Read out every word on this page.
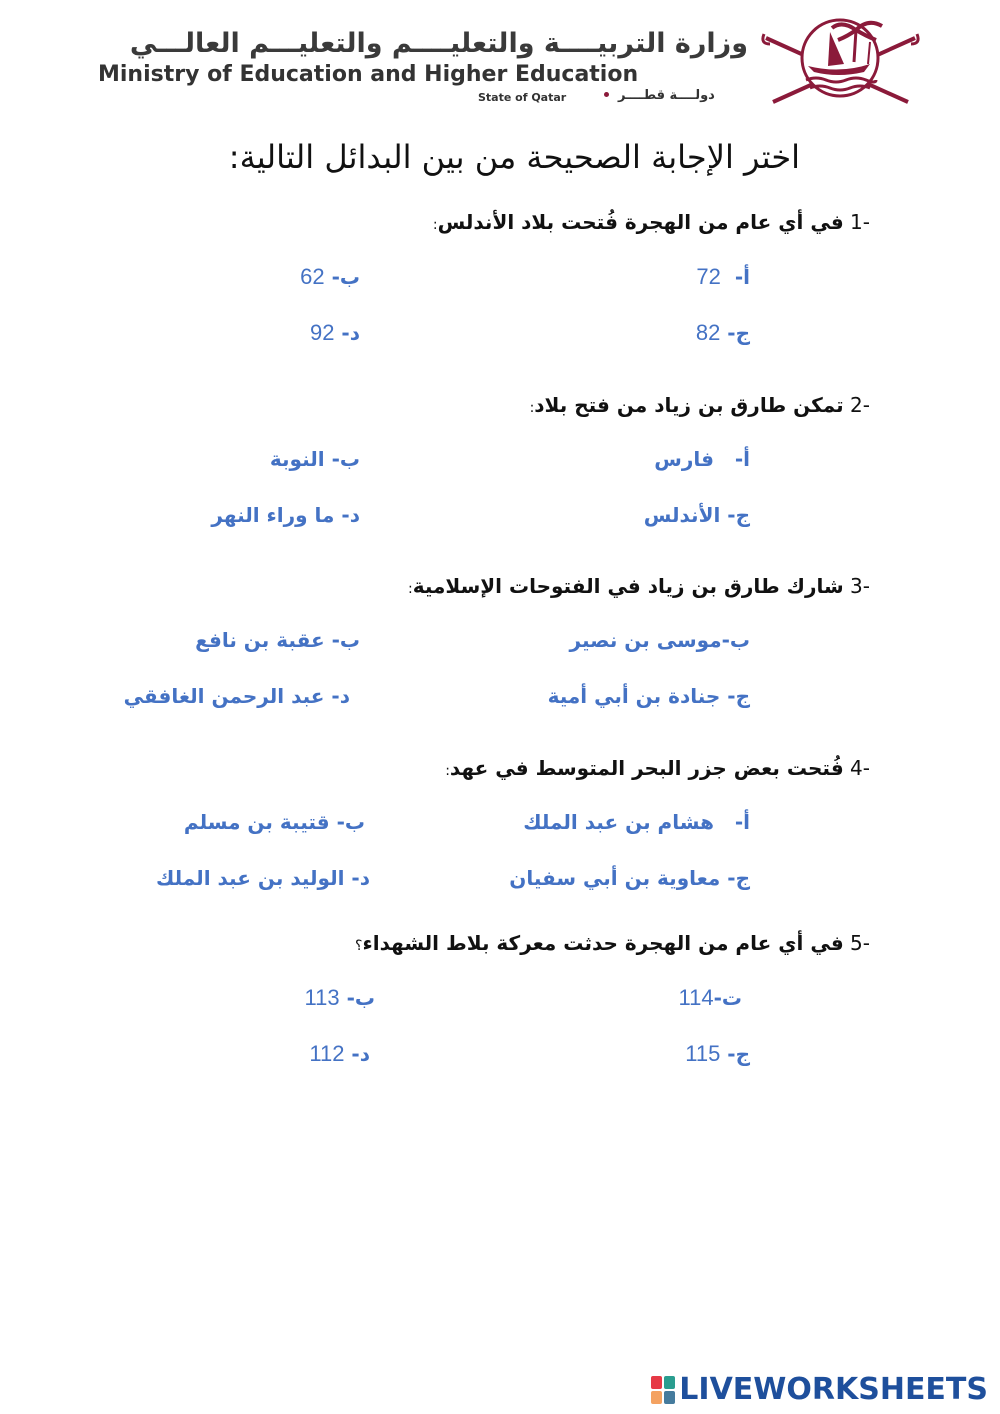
وزارة التربيــــة والتعليــــم والتعليـــم العالـــي
Ministry of Education and Higher Education
State of Qatar	دولــــة قطــــر
اختر الإجابة الصحيحة من بين البدائل التالية:
-1 في أي عام من الهجرة فُتحت بلاد الأندلس:
أ-  72
ب- 62
ج- 82
د- 92
-2 تمكن طارق بن زياد من فتح بلاد:
أ-   فارس
ب- النوبة
ج- الأندلس
د- ما وراء النهر
-3 شارك طارق بن زياد في الفتوحات الإسلامية:
ب-موسى بن نصير
ب- عقبة بن نافع
ج- جنادة بن أبي أمية
د- عبد الرحمن الغافقي
-4 فُتحت بعض جزر البحر المتوسط في عهد:
أ-   هشام بن عبد الملك
ب- قتيبة بن مسلم
ج- معاوية بن أبي سفيان
د- الوليد بن عبد الملك
-5 في أي عام من الهجرة حدثت معركة بلاط الشهداء؟
ت-114
ب- 113
ج- 115
د- 112
LIVEWORKSHEETS
